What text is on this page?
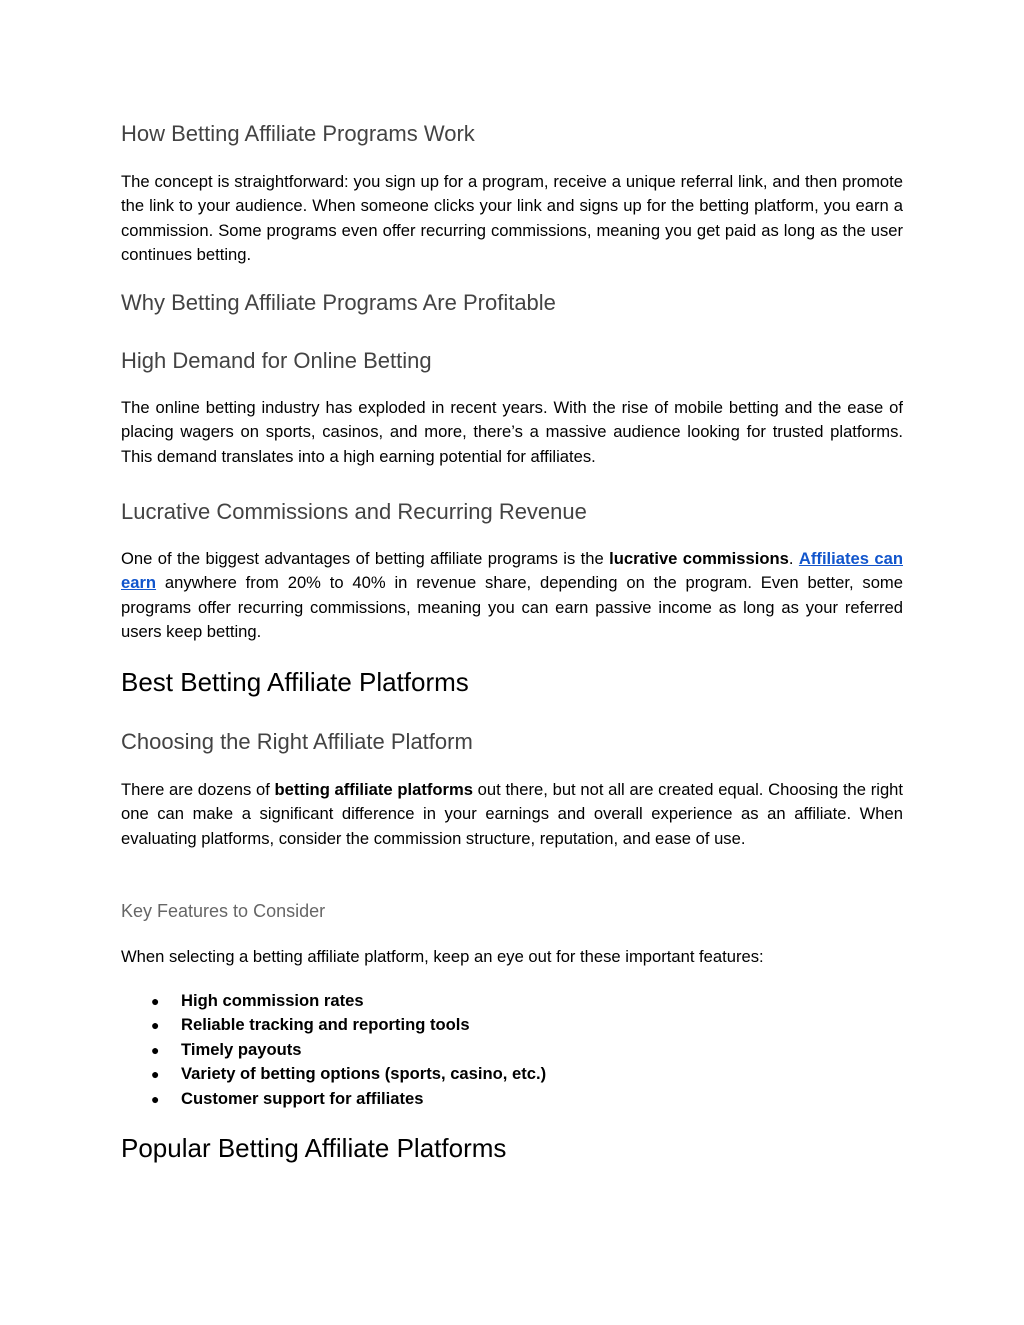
How Betting Affiliate Programs Work

The concept is straightforward: you sign up for a program, receive a unique referral link, and then promote the link to your audience. When someone clicks your link and signs up for the betting platform, you earn a commission. Some programs even offer recurring commissions, meaning you get paid as long as the user continues betting.

Why Betting Affiliate Programs Are Profitable
High Demand for Online Betting

The online betting industry has exploded in recent years. With the rise of mobile betting and the ease of placing wagers on sports, casinos, and more, there’s a massive audience looking for trusted platforms. This demand translates into a high earning potential for affiliates.

Lucrative Commissions and Recurring Revenue

One of the biggest advantages of betting affiliate programs is the lucrative commissions. Affiliates can earn anywhere from 20% to 40% in revenue share, depending on the program. Even better, some programs offer recurring commissions, meaning you can earn passive income as long as your referred users keep betting.

Best Betting Affiliate Platforms
Choosing the Right Affiliate Platform

There are dozens of betting affiliate platforms out there, but not all are created equal. Choosing the right one can make a significant difference in your earnings and overall experience as an affiliate. When evaluating platforms, consider the commission structure, reputation, and ease of use.

Key Features to Consider

When selecting a betting affiliate platform, keep an eye out for these important features:

● High commission rates
● Reliable tracking and reporting tools
● Timely payouts
● Variety of betting options (sports, casino, etc.)
● Customer support for affiliates
Popular Betting Affiliate Platforms
